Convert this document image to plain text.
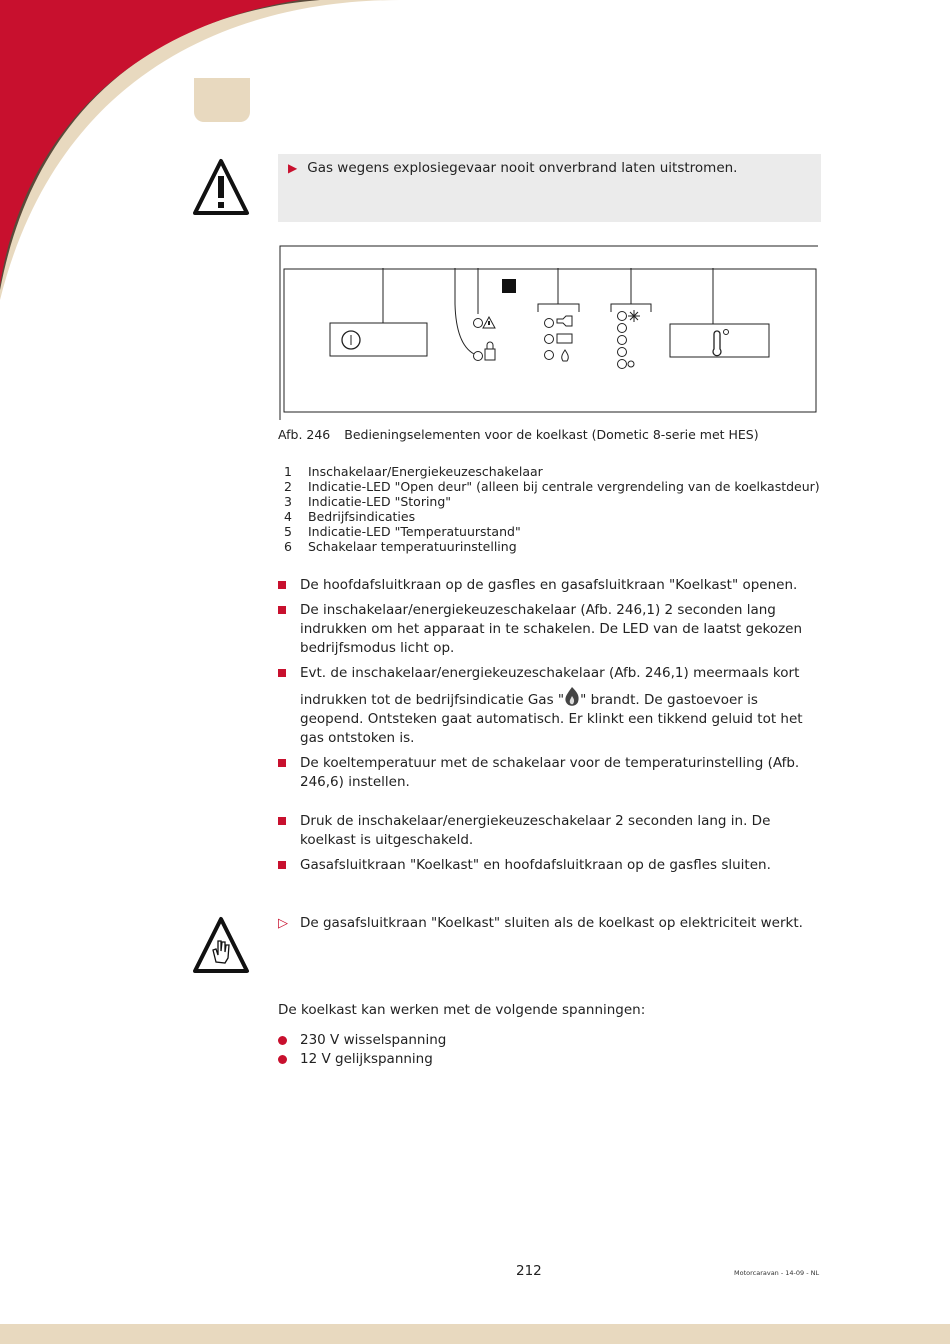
▶ Gas wegens explosiegevaar nooit onverbrand laten uitstromen.
Afb. 246 Bedieningselementen voor de koelkast (Dometic 8-serie met HES)
1	Inschakelaar/Energiekeuzeschakelaar
2	Indicatie-LED "Open deur" (alleen bij centrale vergrendeling van de koelkastdeur)
3	Indicatie-LED "Storing"
4	Bedrijfsindicaties
5	Indicatie-LED "Temperatuurstand"
6	Schakelaar temperatuurinstelling
De hoofdafsluitkraan op de gasfles en gasafsluitkraan "Koelkast" openen.
De inschakelaar/energiekeuzeschakelaar (Afb. 246,1) 2 seconden lang indrukken om het apparaat in te schakelen. De LED van de laatst gekozen bedrijfsmodus licht op.
Evt. de inschakelaar/energiekeuzeschakelaar (Afb. 246,1) meermaals kort
indrukken tot de bedrijfsindicatie Gas " " brandt. De gastoevoer is geopend. Ontsteken gaat automatisch. Er klinkt een tikkend geluid tot het gas ontstoken is.
De koeltemperatuur met de schakelaar voor de temperaturinstelling (Afb. 246,6) instellen.
Druk de inschakelaar/energiekeuzeschakelaar 2 seconden lang in. De koelkast is uitgeschakeld.
Gasafsluitkraan "Koelkast" en hoofdafsluitkraan op de gasfles sluiten.
▷ De gasafsluitkraan "Koelkast" sluiten als de koelkast op elektriciteit werkt.
De koelkast kan werken met de volgende spanningen:
230 V wisselspanning
12 V gelijkspanning
212	Motorcaravan - 14-09 - NL
